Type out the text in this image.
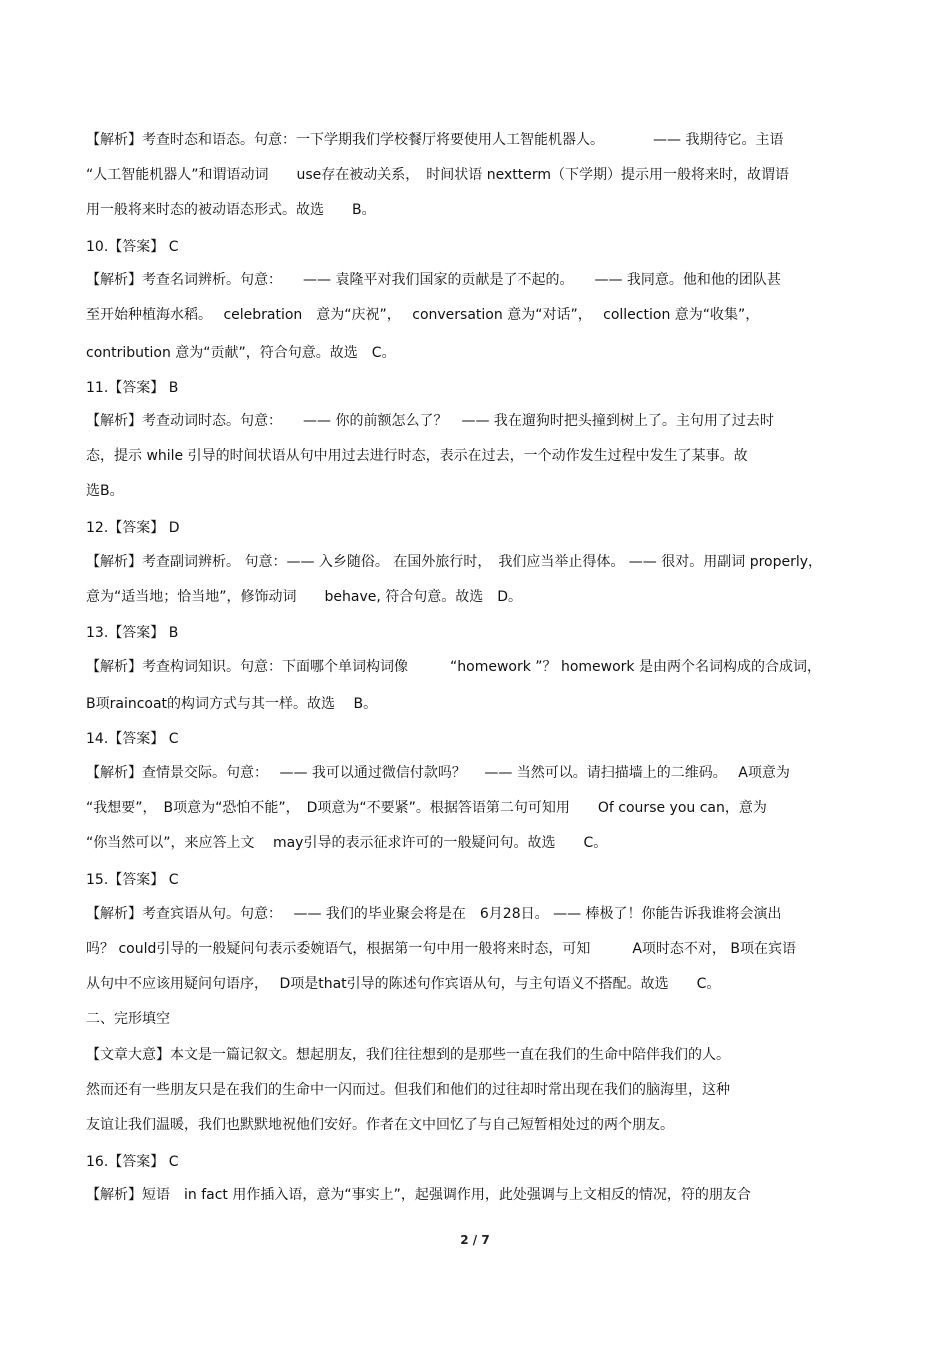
【解析】考查时态和语态。句意：一下学期我们学校餐厅将要使用人工智能机器人。　　　　—— 我期待它。主语
“人工智能机器人”和谓语动词　　use存在被动关系，　时间状语 nextterm（下学期）提示用一般将来时，故谓语
用一般将来时态的被动语态形式。故选　　B。
10.【答案】 C
【解析】考查名词辨析。句意：　　—— 袁隆平对我们国家的贡献是了不起的。　　—— 我同意。他和他的团队甚
至开始种植海水稻。　 celebration　意为“庆祝”，　 conversation 意为“对话”，　 collection 意为“收集”，
contribution 意为“贡献”，符合句意。故选　C。
11.【答案】 B
【解析】考查动词时态。句意：　　—— 你的前额怎么了？　—— 我在遛狗时把头撞到树上了。主句用了过去时
态，提示 while 引导的时间状语从句中用过去进行时态，表示在过去，一个动作发生过程中发生了某事。故
选B。
12.【答案】 D
【解析】考查副词辨析。 句意：—— 入乡随俗。 在国外旅行时，　我们应当举止得体。 —— 很对。用副词 properly，
意为“适当地；恰当地”，修饰动词　　behave, 符合句意。故选　D。
13.【答案】 B
【解析】考查构词知识。句意：下面哪个单词构词像　　　“homework ”？ homework 是由两个名词构成的合成词，
B项raincoat的构词方式与其一样。故选　 B。
14.【答案】 C
【解析】查情景交际。句意：　 —— 我可以通过微信付款吗？　 —— 当然可以。请扫描墙上的二维码。　 A项意为
“我想要”，　B项意为“恐怕不能”，　D项意为“不要紧”。根据答语第二句可知用　　Of course you can，意为
“你当然可以”，来应答上文　 may引导的表示征求许可的一般疑问句。故选　　C。
15.【答案】 C
【解析】考查宾语从句。句意：　 —— 我们的毕业聚会将是在　6月28日。 —— 棒极了！你能告诉我谁将会演出
吗？ could引导的一般疑问句表示委婉语气，根据第一句中用一般将来时态，可知　　　A项时态不对， B项在宾语
从句中不应该用疑问句语序，　 D项是that引导的陈述句作宾语从句，与主句语义不搭配。故选　　C。
二、完形填空
【文章大意】本文是一篇记叙文。想起朋友，我们往往想到的是那些一直在我们的生命中陪伴我们的人。
然而还有一些朋友只是在我们的生命中一闪而过。但我们和他们的过往却时常出现在我们的脑海里，这种
友谊让我们温暖，我们也默默地祝他们安好。作者在文中回忆了与自己短暂相处过的两个朋友。
16.【答案】 C
【解析】短语　in fact 用作插入语，意为“事实上”，起强调作用，此处强调与上文相反的情况，符的朋友合
2 / 7
